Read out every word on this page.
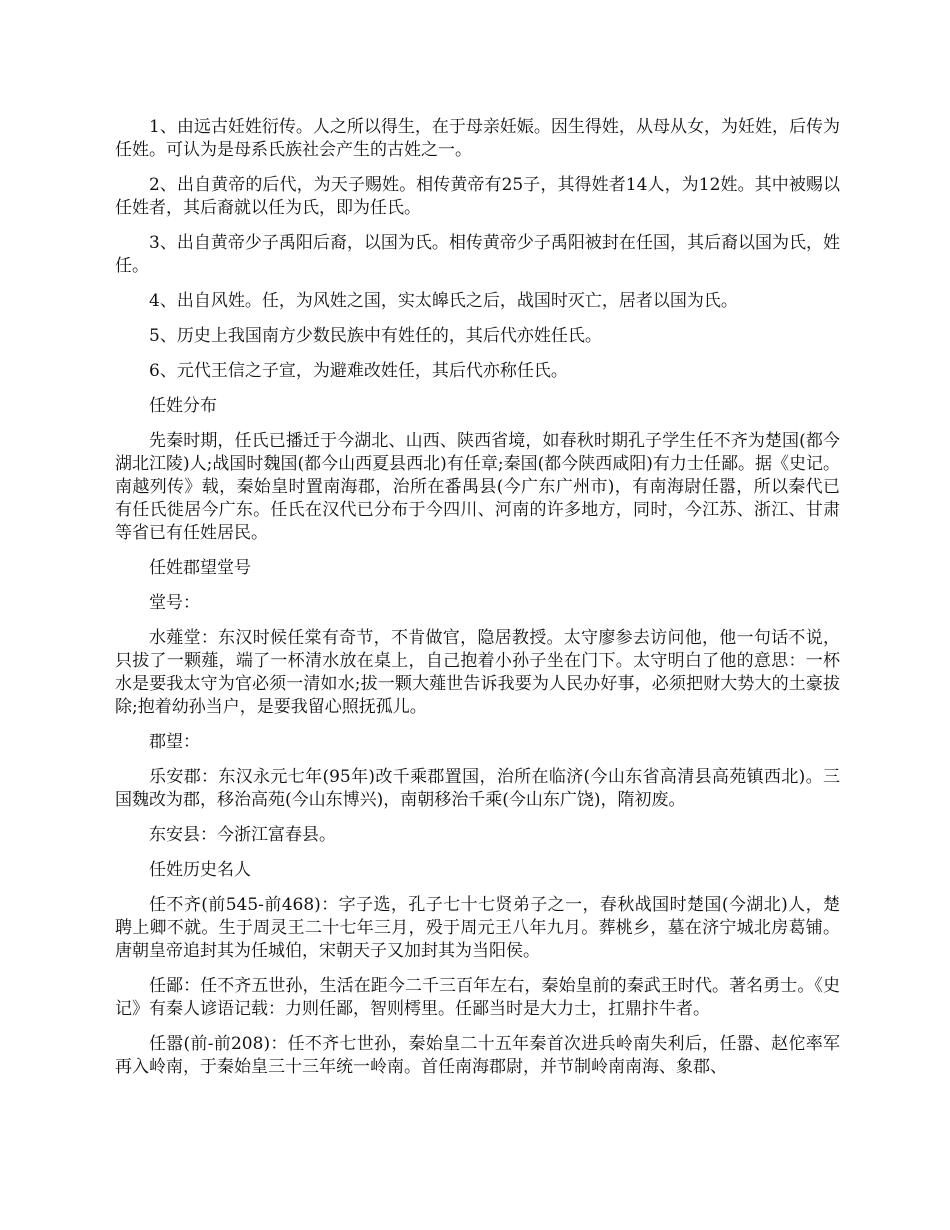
1、由远古妊姓衍传。人之所以得生，在于母亲妊娠。因生得姓，从母从女，为妊姓，后传为任姓。可认为是母系氏族社会产生的古姓之一。

2、出自黄帝的后代，为天子赐姓。相传黄帝有25子，其得姓者14人，为12姓。其中被赐以任姓者，其后裔就以任为氏，即为任氏。

3、出自黄帝少子禹阳后裔，以国为氏。相传黄帝少子禹阳被封在任国，其后裔以国为氏，姓任。

4、出自风姓。任，为风姓之国，实太皞氏之后，战国时灭亡，居者以国为氏。

5、历史上我国南方少数民族中有姓任的，其后代亦姓任氏。

6、元代王信之子宣，为避难改姓任，其后代亦称任氏。

任姓分布

先秦时期，任氏已播迁于今湖北、山西、陕西省境，如春秋时期孔子学生任不齐为楚国(都今湖北江陵)人;战国时魏国(都今山西夏县西北)有任章;秦国(都今陕西咸阳)有力士任鄙。据《史记。南越列传》载，秦始皇时置南海郡，治所在番禺县(今广东广州市)，有南海尉任嚣，所以秦代已有任氏徙居今广东。任氏在汉代已分布于今四川、河南的许多地方，同时，今江苏、浙江、甘肃等省已有任姓居民。

任姓郡望堂号

堂号：

水薤堂：东汉时候任棠有奇节，不肯做官，隐居教授。太守廖参去访问他，他一句话不说，只拔了一颗薤，端了一杯清水放在桌上，自己抱着小孙子坐在门下。太守明白了他的意思：一杯水是要我太守为官必须一清如水;拔一颗大薤世告诉我要为人民办好事，必须把财大势大的土豪拔除;抱着幼孙当户，是要我留心照抚孤儿。

郡望：

乐安郡：东汉永元七年(95年)改千乘郡置国，治所在临济(今山东省高清县高苑镇西北)。三国魏改为郡，移治高苑(今山东博兴)，南朝移治千乘(今山东广饶)，隋初废。

东安县：今浙江富春县。

任姓历史名人

任不齐(前545-前468)：字子选，孔子七十七贤弟子之一，春秋战国时楚国(今湖北)人，楚聘上卿不就。生于周灵王二十七年三月，殁于周元王八年九月。葬桃乡，墓在济宁城北房葛铺。唐朝皇帝追封其为任城伯，宋朝天子又加封其为当阳侯。

任鄙：任不齐五世孙，生活在距今二千三百年左右，秦始皇前的秦武王时代。著名勇士。《史记》有秦人谚语记载：力则任鄙，智则樗里。任鄙当时是大力士，扛鼎抃牛者。

任嚣(前-前208)：任不齐七世孙，秦始皇二十五年秦首次进兵岭南失利后，任嚣、赵佗率军再入岭南，于秦始皇三十三年统一岭南。首任南海郡尉，并节制岭南南海、象郡、
